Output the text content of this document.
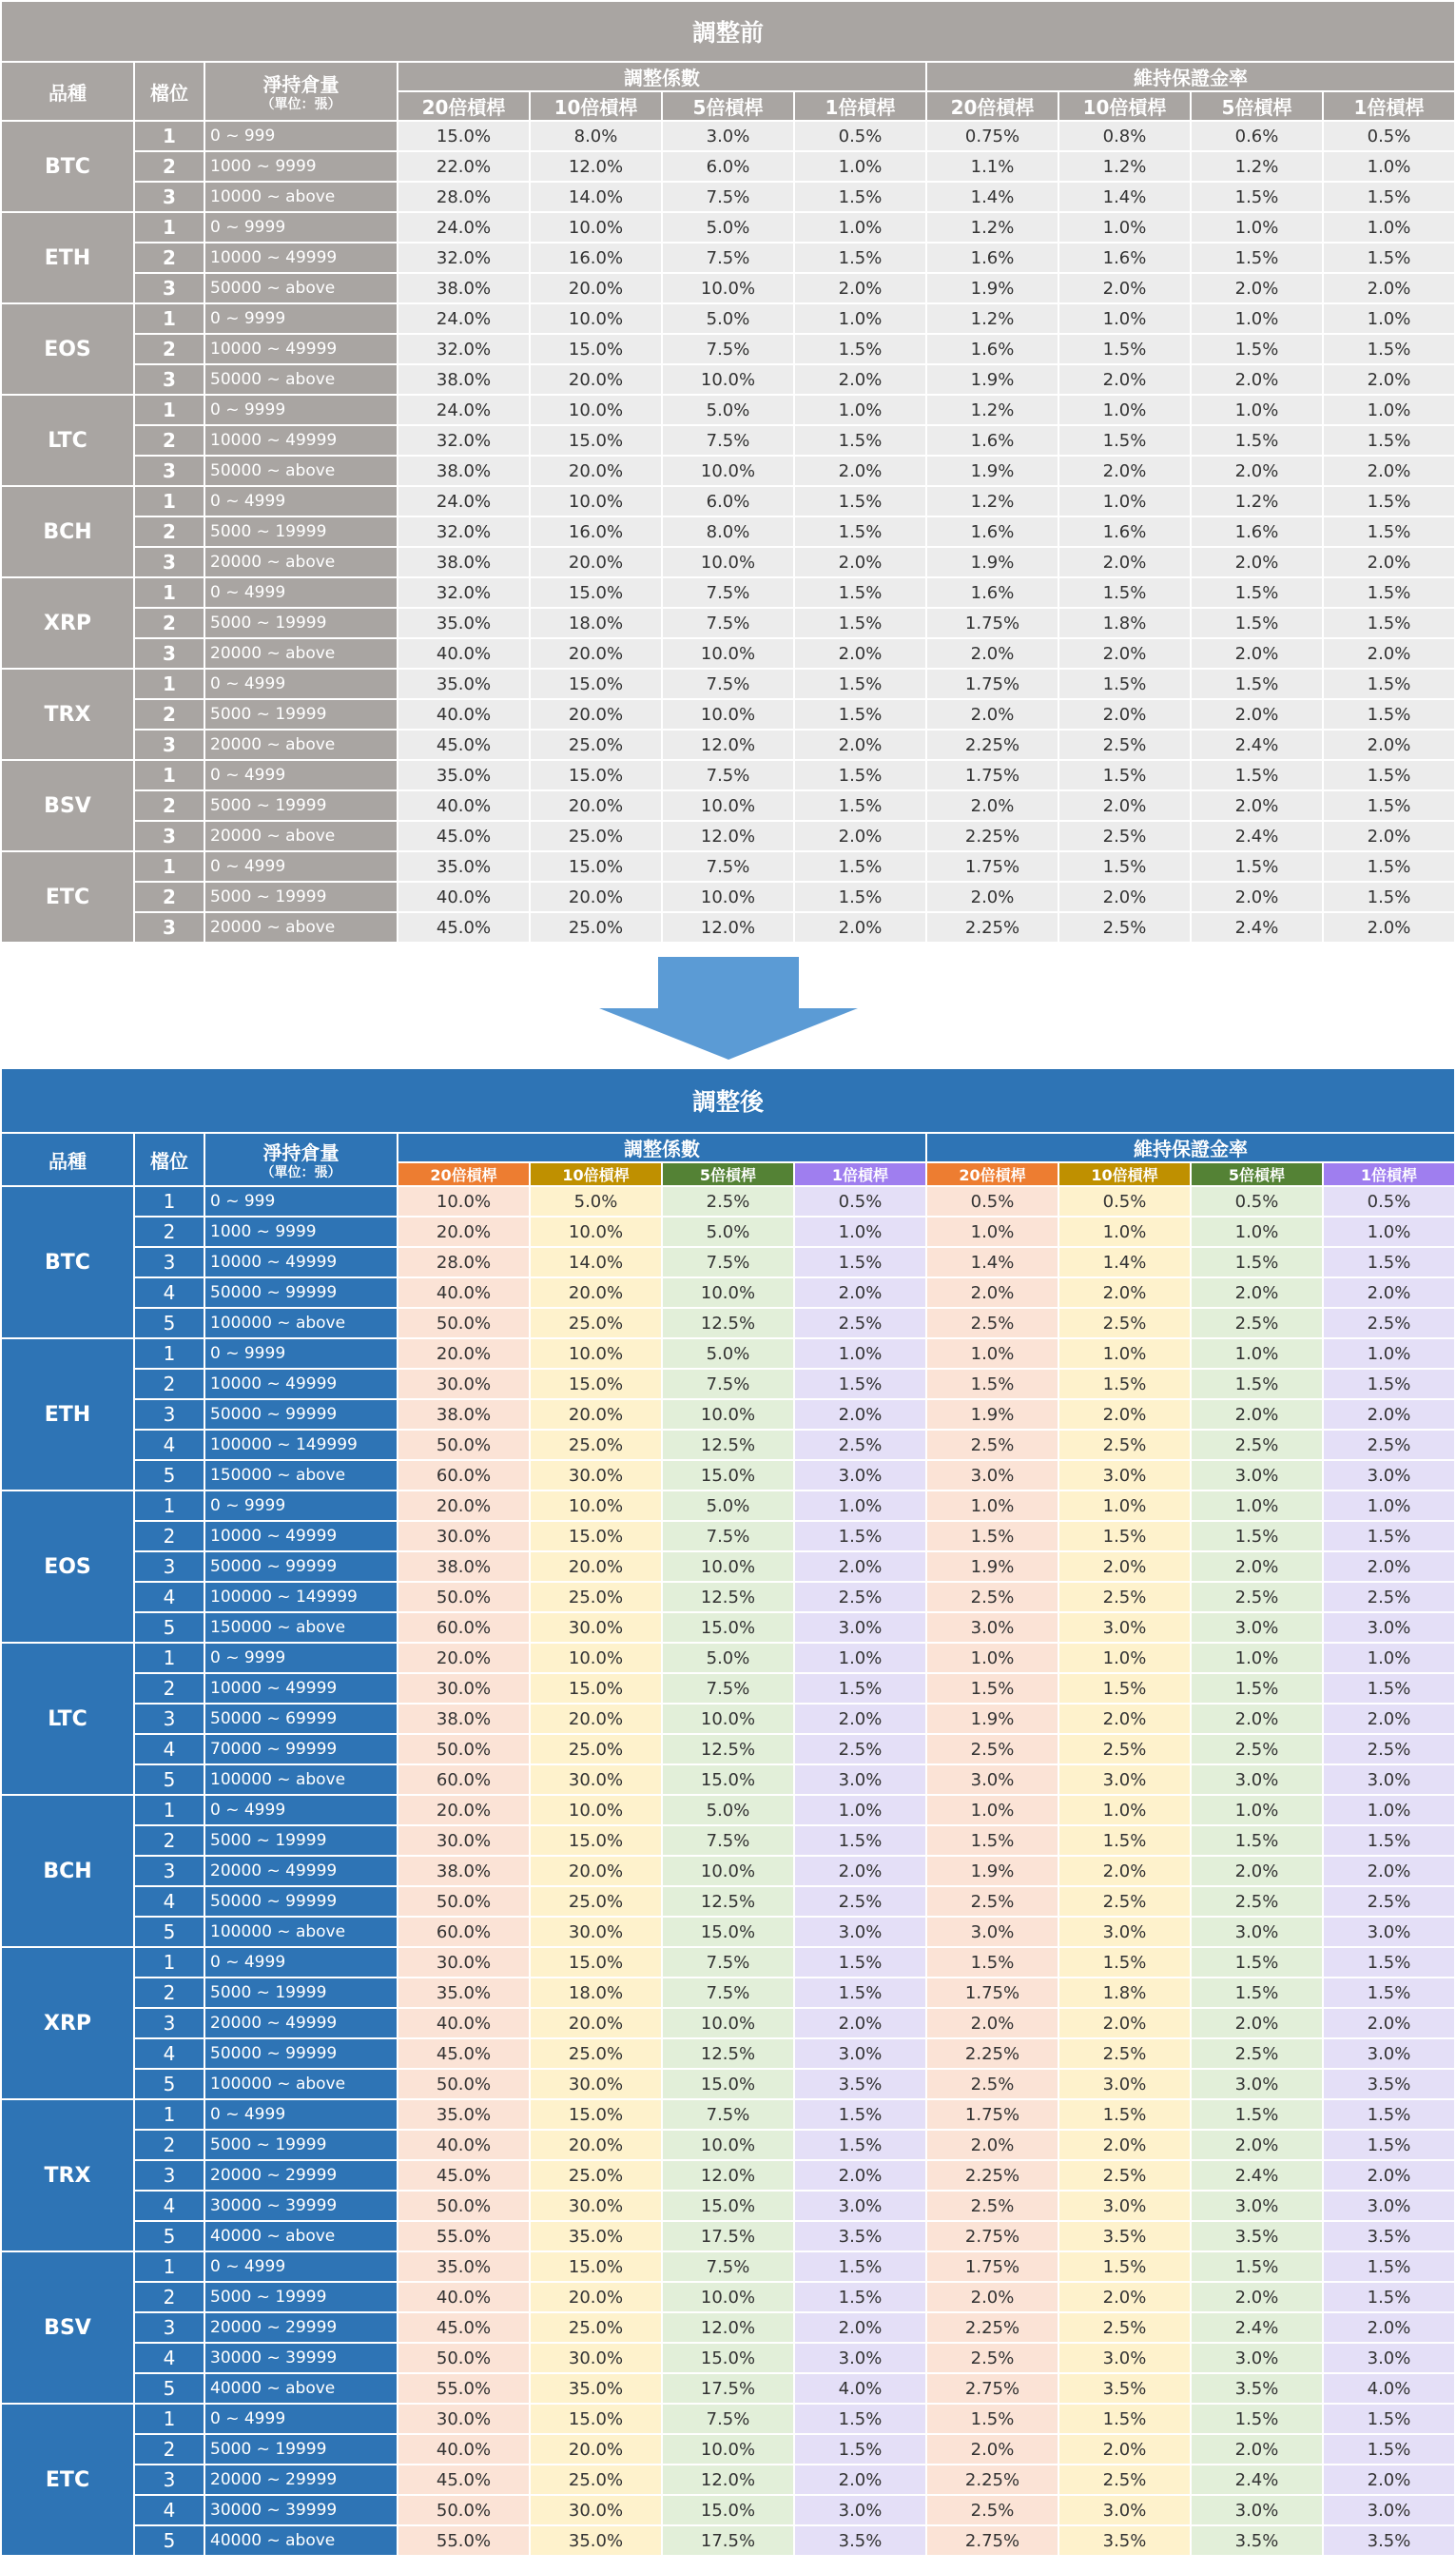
調整前										
品種	檔位	淨持倉量
（單位：張）	調整係數				維持保證金率			
			20倍槓桿	10倍槓桿	5倍槓桿	1倍槓桿	20倍槓桿	10倍槓桿	5倍槓桿	1倍槓桿
BTC	1	0 ~ 999	15.0%	8.0%	3.0%	0.5%	0.75%	0.8%	0.6%	0.5%
	2	1000 ~ 9999	22.0%	12.0%	6.0%	1.0%	1.1%	1.2%	1.2%	1.0%
	3	10000 ~ above	28.0%	14.0%	7.5%	1.5%	1.4%	1.4%	1.5%	1.5%
ETH	1	0 ~ 9999	24.0%	10.0%	5.0%	1.0%	1.2%	1.0%	1.0%	1.0%
	2	10000 ~ 49999	32.0%	16.0%	7.5%	1.5%	1.6%	1.6%	1.5%	1.5%
	3	50000 ~ above	38.0%	20.0%	10.0%	2.0%	1.9%	2.0%	2.0%	2.0%
EOS	1	0 ~ 9999	24.0%	10.0%	5.0%	1.0%	1.2%	1.0%	1.0%	1.0%
	2	10000 ~ 49999	32.0%	15.0%	7.5%	1.5%	1.6%	1.5%	1.5%	1.5%
	3	50000 ~ above	38.0%	20.0%	10.0%	2.0%	1.9%	2.0%	2.0%	2.0%
LTC	1	0 ~ 9999	24.0%	10.0%	5.0%	1.0%	1.2%	1.0%	1.0%	1.0%
	2	10000 ~ 49999	32.0%	15.0%	7.5%	1.5%	1.6%	1.5%	1.5%	1.5%
	3	50000 ~ above	38.0%	20.0%	10.0%	2.0%	1.9%	2.0%	2.0%	2.0%
BCH	1	0 ~ 4999	24.0%	10.0%	6.0%	1.5%	1.2%	1.0%	1.2%	1.5%
	2	5000 ~ 19999	32.0%	16.0%	8.0%	1.5%	1.6%	1.6%	1.6%	1.5%
	3	20000 ~ above	38.0%	20.0%	10.0%	2.0%	1.9%	2.0%	2.0%	2.0%
XRP	1	0 ~ 4999	32.0%	15.0%	7.5%	1.5%	1.6%	1.5%	1.5%	1.5%
	2	5000 ~ 19999	35.0%	18.0%	7.5%	1.5%	1.75%	1.8%	1.5%	1.5%
	3	20000 ~ above	40.0%	20.0%	10.0%	2.0%	2.0%	2.0%	2.0%	2.0%
TRX	1	0 ~ 4999	35.0%	15.0%	7.5%	1.5%	1.75%	1.5%	1.5%	1.5%
	2	5000 ~ 19999	40.0%	20.0%	10.0%	1.5%	2.0%	2.0%	2.0%	1.5%
	3	20000 ~ above	45.0%	25.0%	12.0%	2.0%	2.25%	2.5%	2.4%	2.0%
BSV	1	0 ~ 4999	35.0%	15.0%	7.5%	1.5%	1.75%	1.5%	1.5%	1.5%
	2	5000 ~ 19999	40.0%	20.0%	10.0%	1.5%	2.0%	2.0%	2.0%	1.5%
	3	20000 ~ above	45.0%	25.0%	12.0%	2.0%	2.25%	2.5%	2.4%	2.0%
ETC	1	0 ~ 4999	35.0%	15.0%	7.5%	1.5%	1.75%	1.5%	1.5%	1.5%
	2	5000 ~ 19999	40.0%	20.0%	10.0%	1.5%	2.0%	2.0%	2.0%	1.5%
	3	20000 ~ above	45.0%	25.0%	12.0%	2.0%	2.25%	2.5%	2.4%	2.0%
調整後										
品種	檔位	淨持倉量
（單位：張）	調整係數				維持保證金率			
			20倍槓桿	10倍槓桿	5倍槓桿	1倍槓桿	20倍槓桿	10倍槓桿	5倍槓桿	1倍槓桿
BTC	1	0 ~ 999	10.0%	5.0%	2.5%	0.5%	0.5%	0.5%	0.5%	0.5%
	2	1000 ~ 9999	20.0%	10.0%	5.0%	1.0%	1.0%	1.0%	1.0%	1.0%
	3	10000 ~ 49999	28.0%	14.0%	7.5%	1.5%	1.4%	1.4%	1.5%	1.5%
	4	50000 ~ 99999	40.0%	20.0%	10.0%	2.0%	2.0%	2.0%	2.0%	2.0%
	5	100000 ~ above	50.0%	25.0%	12.5%	2.5%	2.5%	2.5%	2.5%	2.5%
ETH	1	0 ~ 9999	20.0%	10.0%	5.0%	1.0%	1.0%	1.0%	1.0%	1.0%
	2	10000 ~ 49999	30.0%	15.0%	7.5%	1.5%	1.5%	1.5%	1.5%	1.5%
	3	50000 ~ 99999	38.0%	20.0%	10.0%	2.0%	1.9%	2.0%	2.0%	2.0%
	4	100000 ~ 149999	50.0%	25.0%	12.5%	2.5%	2.5%	2.5%	2.5%	2.5%
	5	150000 ~ above	60.0%	30.0%	15.0%	3.0%	3.0%	3.0%	3.0%	3.0%
EOS	1	0 ~ 9999	20.0%	10.0%	5.0%	1.0%	1.0%	1.0%	1.0%	1.0%
	2	10000 ~ 49999	30.0%	15.0%	7.5%	1.5%	1.5%	1.5%	1.5%	1.5%
	3	50000 ~ 99999	38.0%	20.0%	10.0%	2.0%	1.9%	2.0%	2.0%	2.0%
	4	100000 ~ 149999	50.0%	25.0%	12.5%	2.5%	2.5%	2.5%	2.5%	2.5%
	5	150000 ~ above	60.0%	30.0%	15.0%	3.0%	3.0%	3.0%	3.0%	3.0%
LTC	1	0 ~ 9999	20.0%	10.0%	5.0%	1.0%	1.0%	1.0%	1.0%	1.0%
	2	10000 ~ 49999	30.0%	15.0%	7.5%	1.5%	1.5%	1.5%	1.5%	1.5%
	3	50000 ~ 69999	38.0%	20.0%	10.0%	2.0%	1.9%	2.0%	2.0%	2.0%
	4	70000 ~ 99999	50.0%	25.0%	12.5%	2.5%	2.5%	2.5%	2.5%	2.5%
	5	100000 ~ above	60.0%	30.0%	15.0%	3.0%	3.0%	3.0%	3.0%	3.0%
BCH	1	0 ~ 4999	20.0%	10.0%	5.0%	1.0%	1.0%	1.0%	1.0%	1.0%
	2	5000 ~ 19999	30.0%	15.0%	7.5%	1.5%	1.5%	1.5%	1.5%	1.5%
	3	20000 ~ 49999	38.0%	20.0%	10.0%	2.0%	1.9%	2.0%	2.0%	2.0%
	4	50000 ~ 99999	50.0%	25.0%	12.5%	2.5%	2.5%	2.5%	2.5%	2.5%
	5	100000 ~ above	60.0%	30.0%	15.0%	3.0%	3.0%	3.0%	3.0%	3.0%
XRP	1	0 ~ 4999	30.0%	15.0%	7.5%	1.5%	1.5%	1.5%	1.5%	1.5%
	2	5000 ~ 19999	35.0%	18.0%	7.5%	1.5%	1.75%	1.8%	1.5%	1.5%
	3	20000 ~ 49999	40.0%	20.0%	10.0%	2.0%	2.0%	2.0%	2.0%	2.0%
	4	50000 ~ 99999	45.0%	25.0%	12.5%	3.0%	2.25%	2.5%	2.5%	3.0%
	5	100000 ~ above	50.0%	30.0%	15.0%	3.5%	2.5%	3.0%	3.0%	3.5%
TRX	1	0 ~ 4999	35.0%	15.0%	7.5%	1.5%	1.75%	1.5%	1.5%	1.5%
	2	5000 ~ 19999	40.0%	20.0%	10.0%	1.5%	2.0%	2.0%	2.0%	1.5%
	3	20000 ~ 29999	45.0%	25.0%	12.0%	2.0%	2.25%	2.5%	2.4%	2.0%
	4	30000 ~ 39999	50.0%	30.0%	15.0%	3.0%	2.5%	3.0%	3.0%	3.0%
	5	40000 ~ above	55.0%	35.0%	17.5%	3.5%	2.75%	3.5%	3.5%	3.5%
BSV	1	0 ~ 4999	35.0%	15.0%	7.5%	1.5%	1.75%	1.5%	1.5%	1.5%
	2	5000 ~ 19999	40.0%	20.0%	10.0%	1.5%	2.0%	2.0%	2.0%	1.5%
	3	20000 ~ 29999	45.0%	25.0%	12.0%	2.0%	2.25%	2.5%	2.4%	2.0%
	4	30000 ~ 39999	50.0%	30.0%	15.0%	3.0%	2.5%	3.0%	3.0%	3.0%
	5	40000 ~ above	55.0%	35.0%	17.5%	4.0%	2.75%	3.5%	3.5%	4.0%
ETC	1	0 ~ 4999	30.0%	15.0%	7.5%	1.5%	1.5%	1.5%	1.5%	1.5%
	2	5000 ~ 19999	40.0%	20.0%	10.0%	1.5%	2.0%	2.0%	2.0%	1.5%
	3	20000 ~ 29999	45.0%	25.0%	12.0%	2.0%	2.25%	2.5%	2.4%	2.0%
	4	30000 ~ 39999	50.0%	30.0%	15.0%	3.0%	2.5%	3.0%	3.0%	3.0%
	5	40000 ~ above	55.0%	35.0%	17.5%	3.5%	2.75%	3.5%	3.5%	3.5%
